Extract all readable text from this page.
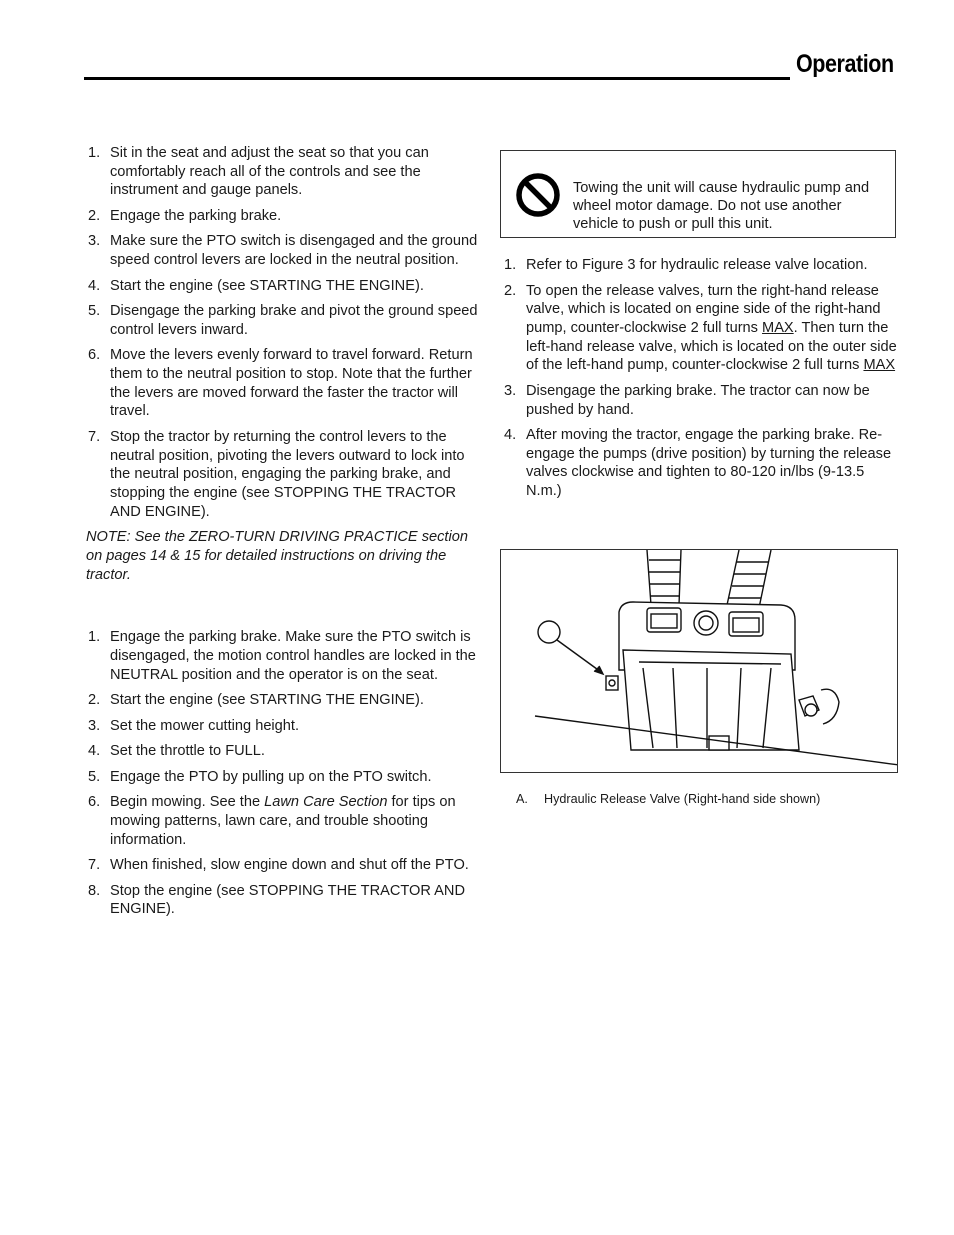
Operation
1. Sit in the seat and adjust the seat so that you can comfortably reach all of the controls and see the instrument and gauge panels.
2. Engage the parking brake.
3. Make sure the PTO switch is disengaged and the ground speed control levers are locked in the neutral position.
4. Start the engine (see STARTING THE ENGINE).
5. Disengage the parking brake and pivot the ground speed control levers inward.
6. Move the levers evenly forward to travel forward. Return them to the neutral position to stop. Note that the further the levers are moved forward the faster the tractor will travel.
7. Stop the tractor by returning the control levers to the neutral position, pivoting the levers outward to lock into the neutral position, engaging the parking brake, and stopping the engine (see STOPPING THE TRACTOR AND ENGINE).

NOTE: See the ZERO-TURN DRIVING PRACTICE section on pages 14 & 15 for detailed instructions on driving the tractor.

1. Engage the parking brake. Make sure the PTO switch is disengaged, the motion control handles are locked in the NEUTRAL position and the operator is on the seat.
2. Start the engine (see STARTING THE ENGINE).
3. Set the mower cutting height.
4. Set the throttle to FULL.
5. Engage the PTO by pulling up on the PTO switch.
6. Begin mowing. See the Lawn Care Section for tips on mowing patterns, lawn care, and trouble shooting information.
7. When finished, slow engine down and shut off the PTO.
8. Stop the engine (see STOPPING THE TRACTOR AND ENGINE).
Towing the unit will cause hydraulic pump and wheel motor damage. Do not use another vehicle to push or pull this unit.
1. Refer to Figure 3 for hydraulic release valve location.
2. To open the release valves, turn the right-hand release valve, which is located on engine side of the right-hand pump, counter-clockwise 2 full turns MAX. Then turn the left-hand release valve, which is located on the outer side of the left-hand pump, counter-clockwise 2 full turns MAX
3. Disengage the parking brake. The tractor can now be pushed by hand.
4. After moving the tractor, engage the parking brake. Re-engage the pumps (drive position) by turning the release valves clockwise and tighten to 80-120 in/lbs (9-13.5 N.m.)
A. Hydraulic Release Valve (Right-hand side shown)
